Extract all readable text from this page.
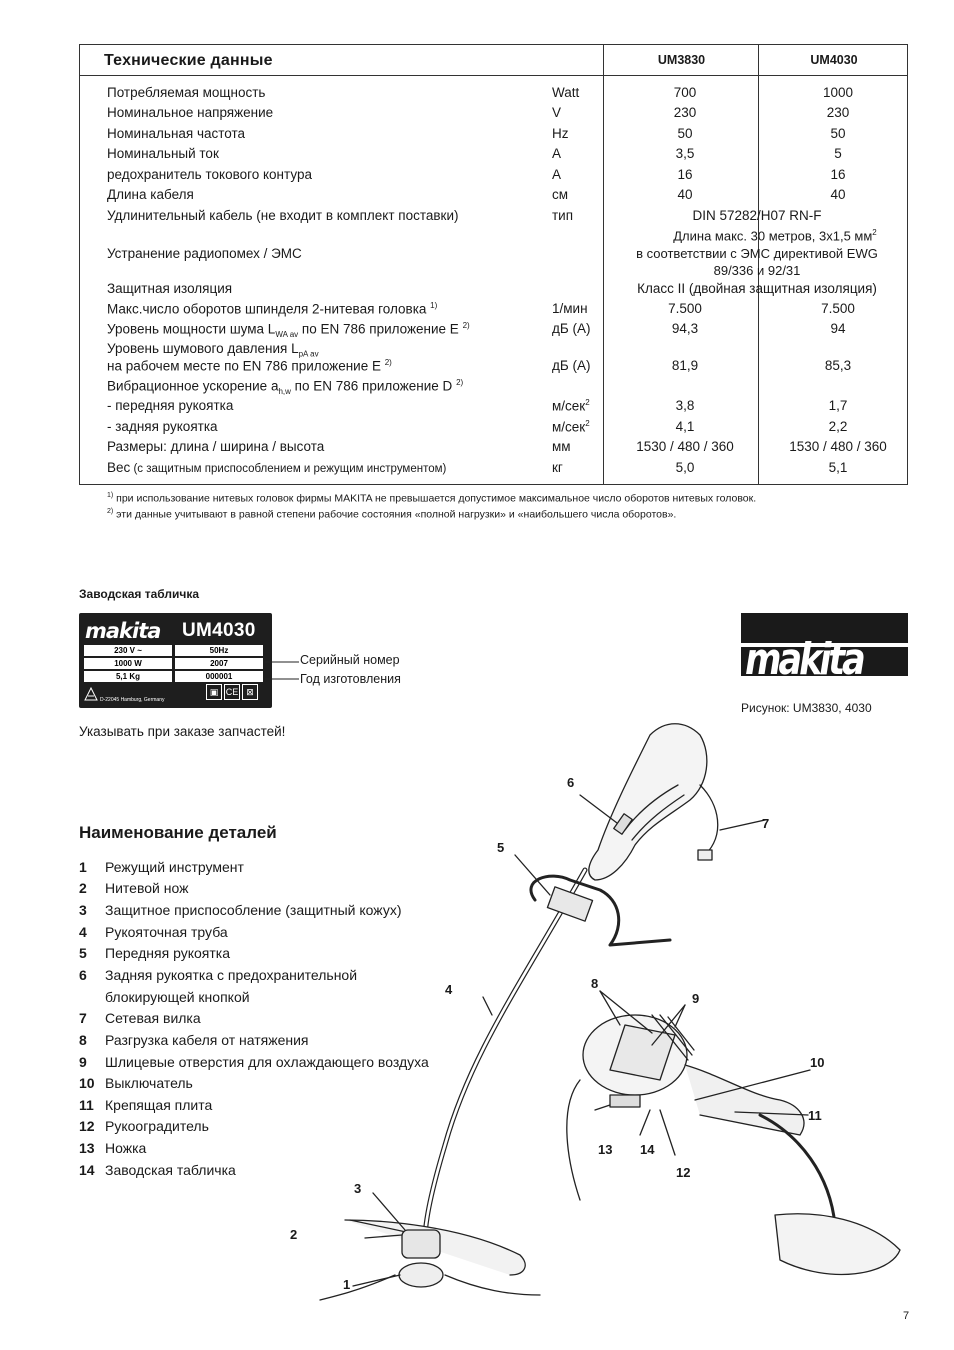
Технические данные	UM3830	UM4030
Потребляемая мощность	Watt	700	1000
Номинальное напряжение	V	230	230
Номинальная частота	Hz	50	50
Номинальный ток	A	3,5	5
редохранитель токового контура	A	16	16
Длина кабеля	см	40	40
Удлинительный кабель (не входит в комплект поставки)	тип	DIN 57282/H07 RN-F
Длина макс. 30 метров, 3x1,5 $мм^2$
Устранение радиопомех / ЭМС	в соответствии с ЭМС директивой EWG
89/336 и 92/31
Защитная изоляция	Класс II (двойная защитная изоляция)
Макс.число оборотов шпинделя 2-нитевая головка $^{1)}$	1/мин	7.500	7.500
Уровень мощности шума $L_{WA av}$ по EN 786 приложение E $^{2)}$	дБ (A)	94,3	94
Уровень шумового давления $L_{pA av}$
на рабочем месте по EN 786 приложение E $^{2)}$	дБ (A)	81,9	85,3
Вибрационное ускорение $a_{h,w}$ по EN 786 приложение D $^{2)}$
- передняя рукоятка	м/сек$^2$	3,8	1,7
- задняя рукоятка	м/сек$^2$	4,1	2,2
Размеры: длина / ширина / высота	мм	1530 / 480 / 360	1530 / 480 / 360
Вес (с защитным приспособлением и режущим инструментом)	кг	5,0	5,1
$^{1)}$ при использование нитевых головок фирмы MAKITA не превышается допустимое максимальное число оборотов нитевых головок.
$^{2)}$ эти данные учитывают в равной степени рабочие состояния «полной нагрузки» и «наибольшего числа оборотов».
Заводская табличка
makita UM4030
230 V ~	50Hz
1000 W	2007
5,1 Kg	000001
D-22045 Hamburg, Germany
▣ CE ⊠
Серийный номер
Год изготовления
Указывать при заказе запчастей!
makita
Рисунок: UM3830, 4030
Наименование деталей
1 Режущий инструмент
2 Нитевой нож
3 Защитное приспособление (защитный кожух)
4 Рукояточная труба
5 Передняя рукоятка
6 Задняя рукоятка с предохранительной
блокирующей кнопкой
7 Сетевая вилка
8 Разгрузка кабеля от натяжения
9 Шлицевые отверстия для охлаждающего воздуха
10 Выключатель
11 Крепящая плита
12 Рукооградитель
13 Ножка
14 Заводская табличка
1
2
3
4
5
6
7
8
9
10
11
12
13 14
7
